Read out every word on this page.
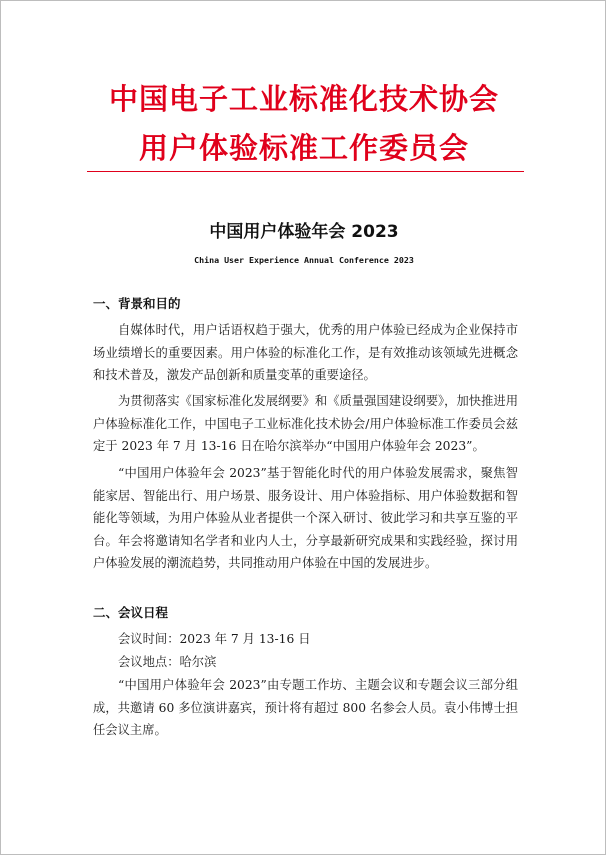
中国电子工业标准化技术协会
用户体验标准工作委员会
中国用户体验年会 2023
China User Experience Annual Conference 2023
一、背景和目的

自媒体时代，用户话语权趋于强大，优秀的用户体验已经成为企业保持市场业绩增长的重要因素。用户体验的标准化工作，是有效推动该领域先进概念和技术普及，激发产品创新和质量变革的重要途径。

为贯彻落实《国家标准化发展纲要》和《质量强国建设纲要》，加快推进用户体验标准化工作，中国电子工业标准化技术协会/用户体验标准工作委员会兹定于 2023 年 7 月 13-16 日在哈尔滨举办“中国用户体验年会 2023”。

“中国用户体验年会 2023”基于智能化时代的用户体验发展需求，聚焦智能家居、智能出行、用户场景、服务设计、用户体验指标、用户体验数据和智能化等领域，为用户体验从业者提供一个深入研讨、彼此学习和共享互鉴的平台。年会将邀请知名学者和业内人士，分享最新研究成果和实践经验，探讨用户体验发展的潮流趋势，共同推动用户体验在中国的发展进步。

二、会议日程

会议时间：2023 年 7 月 13-16 日

会议地点：哈尔滨

“中国用户体验年会 2023”由专题工作坊、主题会议和专题会议三部分组成，共邀请 60 多位演讲嘉宾，预计将有超过 800 名参会人员。袁小伟博士担任会议主席。
